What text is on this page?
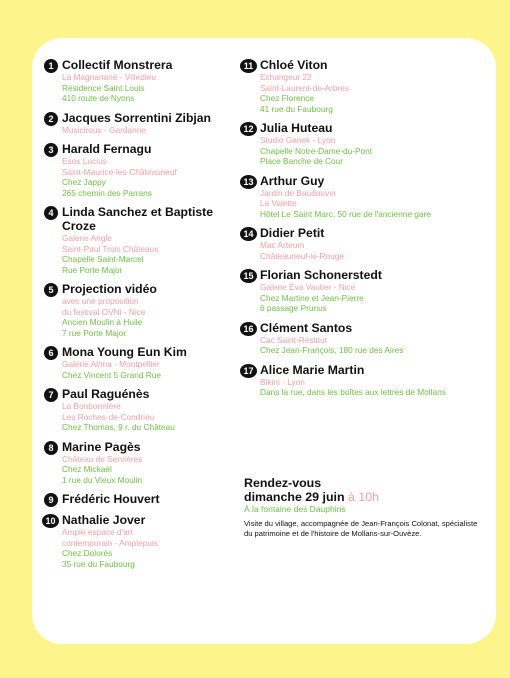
1 Collectif Monstrera
La Magnanarié - Villedieu
Résidence Saint Louis
410 route de Nyons
2 Jacques Sorrentini Zibjan
Musicirous - Gardanne
3 Harald Fernagu
Esox Lucius
Saint-Maurice-les-Châteauneuf
Chez Jappy
265 chemin des Parrans
4 Linda Sanchez et Baptiste Croze
Galerie Angle
Saint-Paul Trois Châteaux
Chapelle Saint-Marcel
Rue Porte Major
5 Projection vidéo
avec une proposition
du festival OVNi - Nice
Ancien Moulin à Huile
7 rue Porte Major
6 Mona Young Eun Kim
Galerie Al/ma - Montpellier
Chez Vincent 5 Grand Rue
7 Paul Raguénès
La Bonbonnière
Les Roches-de-Condrieu
Chez Thomas, 9 r. du Château
8 Marine Pagès
Château de Servières
Chez Mickaël
1 rue du Vieux Moulin
9 Frédéric Houvert
10 Nathalie Jover
Ample espace d'art
contemporain - Amplepuis
Chez Dolorès
35 rue du Faubourg
11 Chloé Viton
Echangeur 22
Saint-Laurent-de-Arbres
Chez Florence
41 rue du Faubourg
12 Julia Huteau
Studio Ganek - Lyon
Chapelle Notre-Dame-du-Pont
Place Banche de Cour
13 Arthur Guy
Jardin de Baudouvin
La Valette
Hôtel Le Saint Marc, 50 rue de l'ancienne gare
14 Didier Petit
Mac Arteum
Châteauneuf-le-Rouge
15 Florian Schonerstedt
Galerie Éva Vautier - Nice
Chez Martine et Jean-Pierre
6 passage Prunus
16 Clément Santos
Cac Saint-Restitut
Chez Jean-François, 180 rue des Aires
17 Alice Marie Martin
Bikini - Lyon
Dans la rue, dans les boîtes aux lettres de Mollans
Rendez-vous
dimanche 29 juin à 10h
À la fontaine des Dauphins
Visite du village, accompagnée de Jean-François Colonat, spécialiste du patrimoine et de l'histoire de Mollans-sur-Ouvèze.
